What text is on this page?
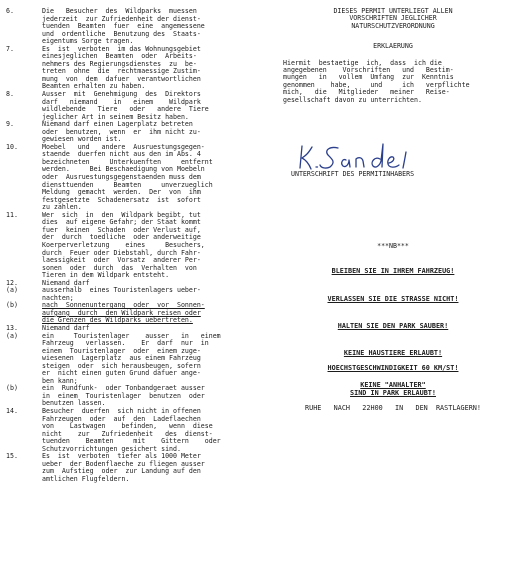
6.	Die   Besucher  des  Wildparks  muessen
jederzeit  zur Zufriedenheit der dienst-
tuenden  Beamten  fuer  eine  angemessene
und  ordentliche  Benutzung des  Staats-
eigentums Sorge tragen.
7.	Es  ist  verboten  im das Wohnungsgebiet
einesjeglichen  Beamten  oder  Arbeits-
nehmers des Regierungsdienstes  zu  be-
treten  ohne  die  rechtmaessige Zustim-
mung  von  dem  dafuer  verantwortlichen
Beamten erhalten zu haben.
8.	Ausser  mit  Genehmigung  des  Direktors
darf   niemand    in   einem    Wildpark
wildlebende   Tiere   oder   andere  Tiere
jeglicher Art in seinem Besitz haben.
9.	Niemand darf einen Lagerplatz betreten
oder  benutzen,  wenn  er  ihm nicht zu-
gewiesen worden ist.
10.	Moebel   und   andere  Ausruestungsgegen-
staende  duerfen nicht aus den im Abs. 4
bezeichneten     Unterkuenften     entfernt
werden.     Bei Beschaedigung von Moebeln
oder  Ausruestungsgegenstaenden muss dem
diensttuenden     Beamten     unverzueglich
Meldung  gemacht  werden.  Der  von  ihm
festgesetzte  Schadenersatz  ist  sofort
zu zahlen.
11.	Wer  sich  in  den  Wildpark begibt, tut
dies  auf eigene Gefahr; der Staat kommt
fuer  keinen  Schaden  oder Verlust auf,
der  durch  toedliche  oder anderweitige
Koerperverletzung    eines     Besuchers,
durch  Feuer oder Diebstahl, durch Fahr-
laessigkeit  oder  Vorsatz  anderer Per-
sonen  oder  durch  das  Verhalten  von
Tieren in dem Wildpark entsteht.
12.	Niemand darf
(a)	ausserhalb  eines Touristenlagers ueber-
nachten;
(b)	nach  Sonnenuntergang  oder  vor  Sonnen-
aufgang  durch  den Wildpark reisen oder
die Grenzen des Wildparks uebertreten.
13.	Niemand darf
(a)	ein     Touristenlager    ausser   in   einem
Fahrzeug   verlassen.    Er  darf  nur  in
einem  Touristenlager  oder  einem zuge-
wiesenen  Lagerplatz  aus einem Fahrzeug
steigen  oder  sich herausbeugen, sofern
er  nicht einen guten Grund dafuer ange-
ben kann;
(b)	ein  Rundfunk-  oder Tonbandgeraet ausser
in  einem  Touristenlager  benutzen  oder
benutzen lassen.
14.	Besucher  duerfen  sich nicht in offenen
Fahrzeugen  oder  auf  den  Ladeflaechen
von    Lastwagen    befinden,   wenn  diese
nicht    zur   Zufriedenheit   des  dienst-
tuenden    Beamten     mit    Gittern    oder
Schutzvorrichtungen gesichert sind.
15.	Es  ist  verboten  tiefer als 1000 Meter
ueber  der Bodenflaeche zu fliegen ausser
zum  Aufstieg  oder  zur Landung auf den
amtlichen Flugfeldern.
DIESES PERMIT UNTERLIEGT ALLEN
VORSCHRIFTEN JEGLICHER
NATURSCHUTZVERORDNUNG
ERKLAERUNG
Hiermit  bestaetige  ich,  dass  ich die
angegebenen    Vorschriften   und   Bestim-
mungen   in   vollem  Umfang  zur  Kenntnis
genommen    habe,     und     ich   verpflichte
mich,   die   Mitglieder   meiner   Reise-
gesellschaft davon zu unterrichten.
UNTERSCHRIFT DES PERMITINHABERS
***NB***
BLEIBEN SIE IN IHREM FAHRZEUG!
VERLASSEN SIE DIE STRASSE NICHT!
HALTEN SIE DEN PARK SAUBER!
KEINE HAUSTIERE ERLAUBT!
HOECHSTGESCHWINDIGKEIT 60 KM/ST!
KEINE "ANHALTER"
SIND IN PARK ERLAUBT!
RUHE   NACH   22H00   IN   DEN  RASTLAGERN!
